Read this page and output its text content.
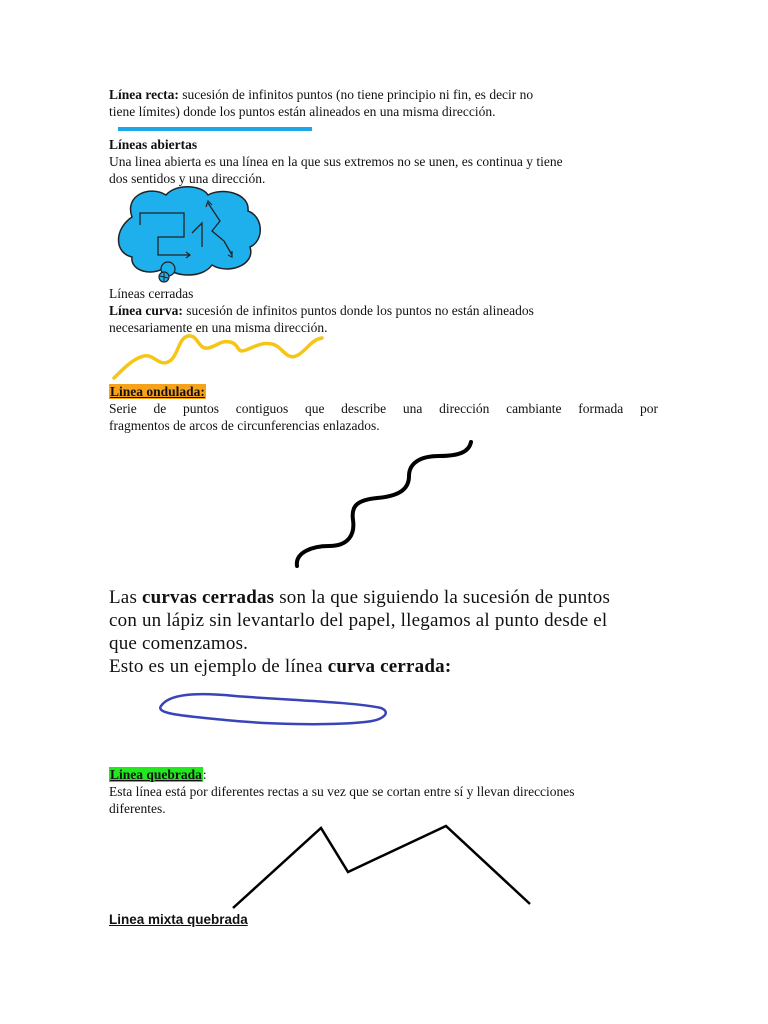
Línea recta: sucesión de infinitos puntos (no tiene principio ni fin, es decir no
tiene límites) donde los puntos están alineados en una misma dirección.
Líneas abiertas
Una linea abierta es una línea en la que sus extremos no se unen, es continua y tiene
dos sentidos y una dirección.
Líneas cerradas
Línea curva: sucesión de infinitos puntos donde los puntos no están alineados
necesariamente en una misma dirección.
Linea ondulada:
Serie de puntos contiguos que describe una dirección cambiante formada por
fragmentos de arcos de circunferencias enlazados.
Las curvas cerradas son la que siguiendo la sucesión de puntos
con un lápiz sin levantarlo del papel, llegamos al punto desde el
que comenzamos.
Esto es un ejemplo de línea curva cerrada:
Linea quebrada:
Esta línea está por diferentes rectas a su vez que se cortan entre sí y llevan direcciones
diferentes.
Linea mixta quebrada
